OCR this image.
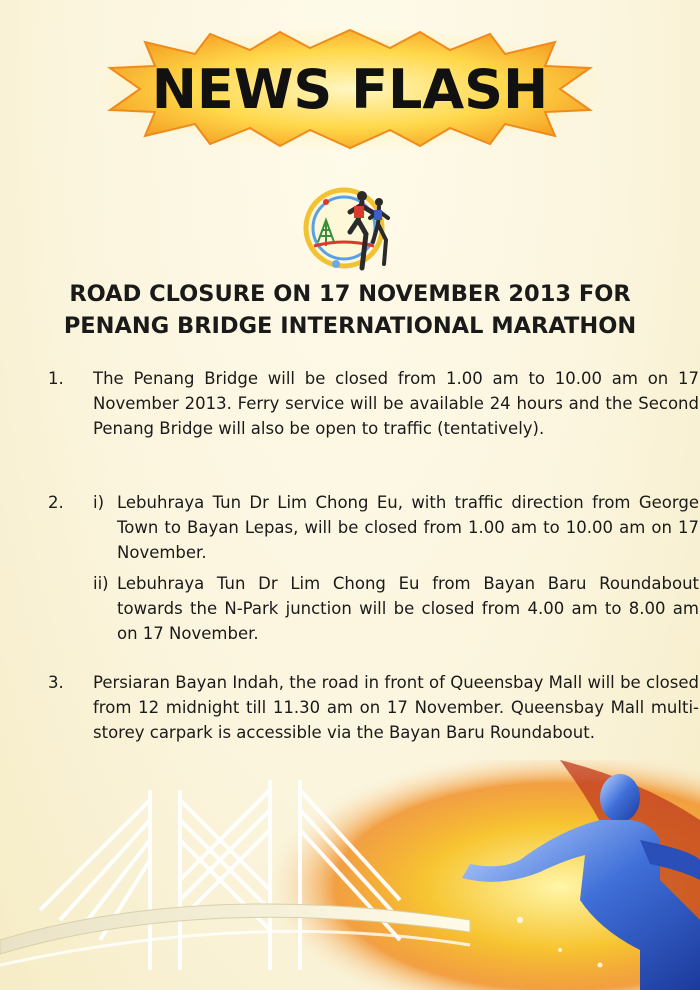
NEWS FLASH
ROAD CLOSURE ON 17 NOVEMBER 2013 FOR
PENANG BRIDGE INTERNATIONAL MARATHON
1. The Penang Bridge will be closed from 1.00 am to 10.00 am on 17 November 2013. Ferry service will be available 24 hours and the Second Penang Bridge will also be open to traffic (tentatively).
2. i) Lebuhraya Tun Dr Lim Chong Eu, with traffic direction from George Town to Bayan Lepas, will be closed from 1.00 am to 10.00 am on 17 November.
ii) Lebuhraya Tun Dr Lim Chong Eu from Bayan Baru Roundabout towards the N-Park junction will be closed from 4.00 am to 8.00 am on 17 November.
3. Persiaran Bayan Indah, the road in front of Queensbay Mall will be closed from 12 midnight till 11.30 am on 17 November. Queensbay Mall multi-storey carpark is accessible via the Bayan Baru Roundabout.
